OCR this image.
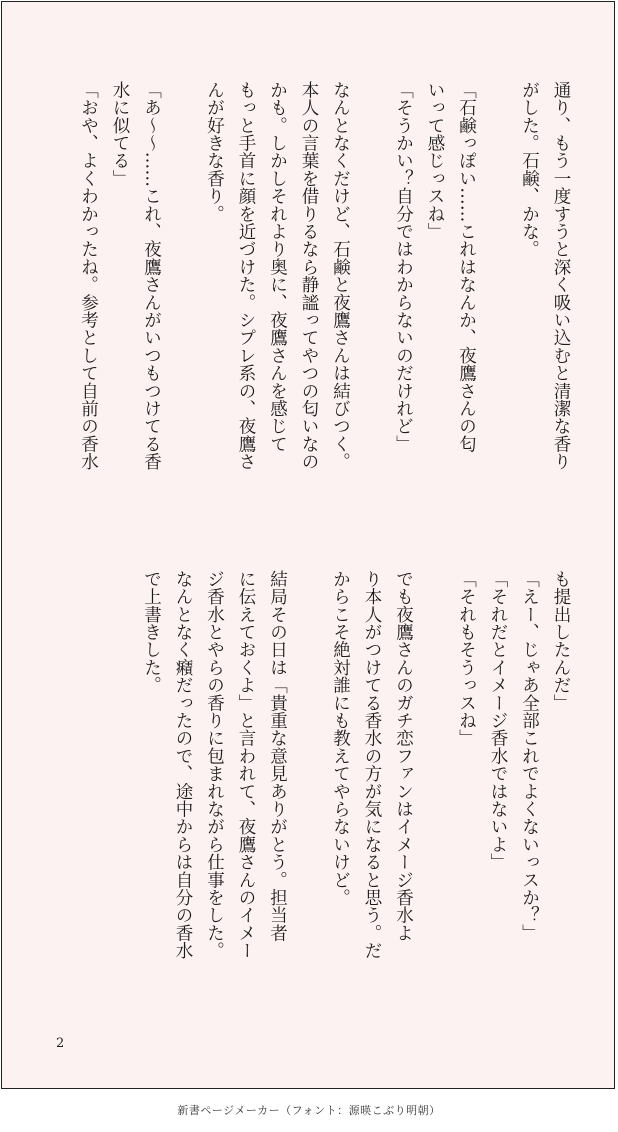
通り、もう一度すうと深く吸い込むと清潔な香り
がした。石鹸、かな。

「石鹸っぽい……これはなんか、夜鷹さんの匂
いって感じっスね」
「そうかい？自分ではわからないのだけれど」

なんとなくだけど、石鹸と夜鷹さんは結びつく。
本人の言葉を借りるなら静謐ってやつの匂いなの
かも。しかしそれより奥に、夜鷹さんを感じて
もっと手首に顔を近づけた。シプレ系の、夜鷹さ
んが好きな香り。

「あ〜〜……これ、夜鷹さんがいつもつけてる香
水に似てる」
「おや、よくわかったね。参考として自前の香水
も提出したんだ」
「えー、じゃあ全部これでよくないっスか？」
「それだとイメージ香水ではないよ」
「それもそうっスね」

でも夜鷹さんのガチ恋ファンはイメージ香水よ
り本人がつけてる香水の方が気になると思う。だ
からこそ絶対誰にも教えてやらないけど。

結局その日は「貴重な意見ありがとう。担当者
に伝えておくよ」と言われて、夜鷹さんのイメー
ジ香水とやらの香りに包まれながら仕事をした。
なんとなく癪だったので、途中からは自分の香水
で上書きした。
2
新書ページメーカー（フォント：源暎こぶり明朝）
